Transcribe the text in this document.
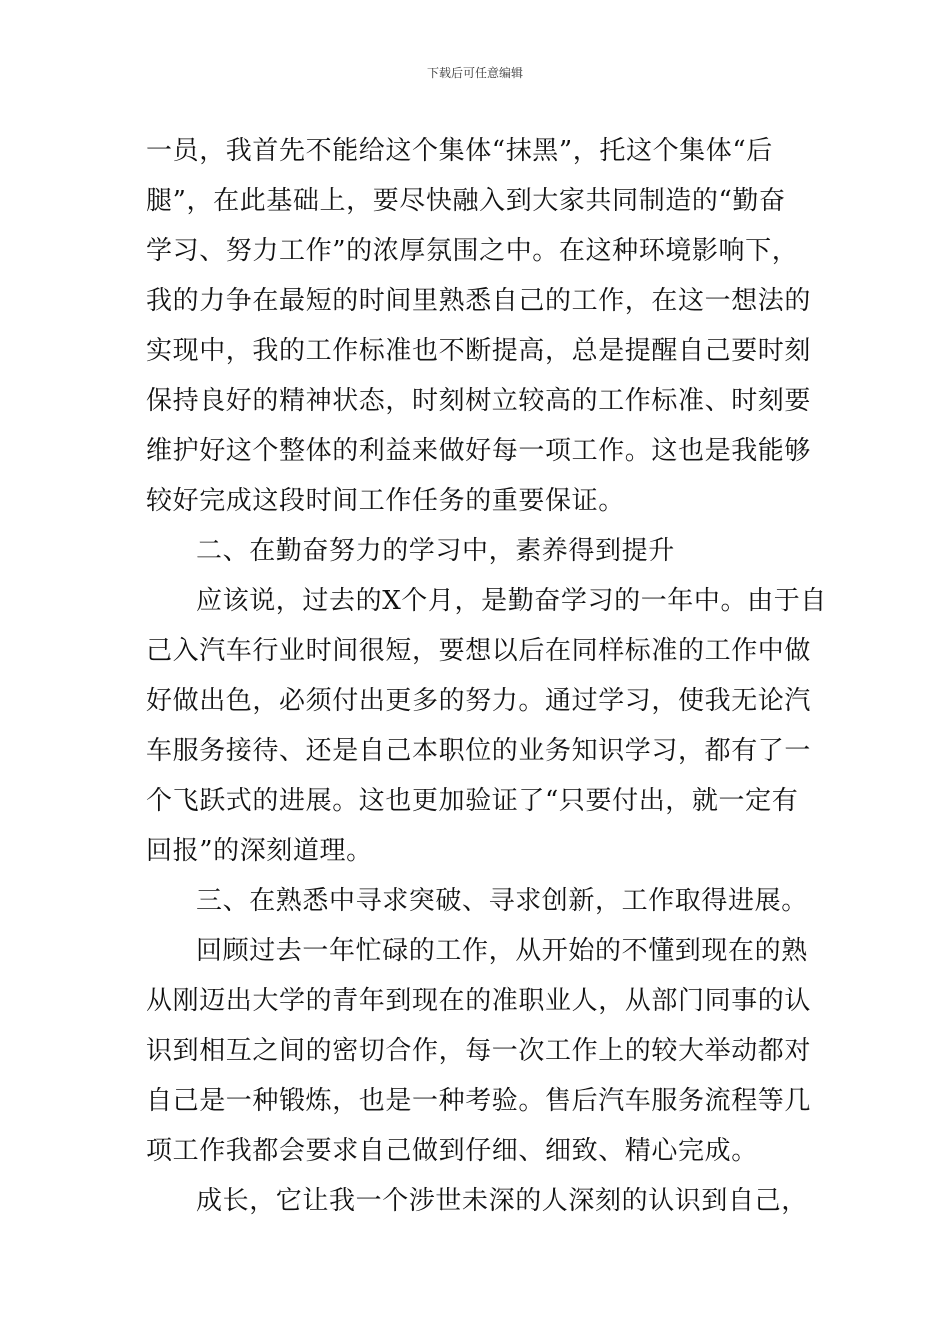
下载后可任意编辑
一员，我首先不能给这个集体“抹黑”，托这个集体“后
腿”，在此基础上，要尽快融入到大家共同制造的“勤奋
学习、努力工作”的浓厚氛围之中。在这种环境影响下，
我的力争在最短的时间里熟悉自己的工作，在这一想法的
实现中，我的工作标准也不断提高，总是提醒自己要时刻
保持良好的精神状态，时刻树立较高的工作标准、时刻要
维护好这个整体的利益来做好每一项工作。这也是我能够
较好完成这段时间工作任务的重要保证。
二、在勤奋努力的学习中，素养得到提升
应该说，过去的X个月，是勤奋学习的一年中。由于自
己入汽车行业时间很短，要想以后在同样标准的工作中做
好做出色，必须付出更多的努力。通过学习，使我无论汽
车服务接待、还是自己本职位的业务知识学习，都有了一
个飞跃式的进展。这也更加验证了“只要付出，就一定有
回报”的深刻道理。
三、在熟悉中寻求突破、寻求创新，工作取得进展。
回顾过去一年忙碌的工作，从开始的不懂到现在的熟
从刚迈出大学的青年到现在的准职业人，从部门同事的认
识到相互之间的密切合作，每一次工作上的较大举动都对
自己是一种锻炼，也是一种考验。售后汽车服务流程等几
项工作我都会要求自己做到仔细、细致、精心完成。
成长，它让我一个涉世未深的人深刻的认识到自己，
